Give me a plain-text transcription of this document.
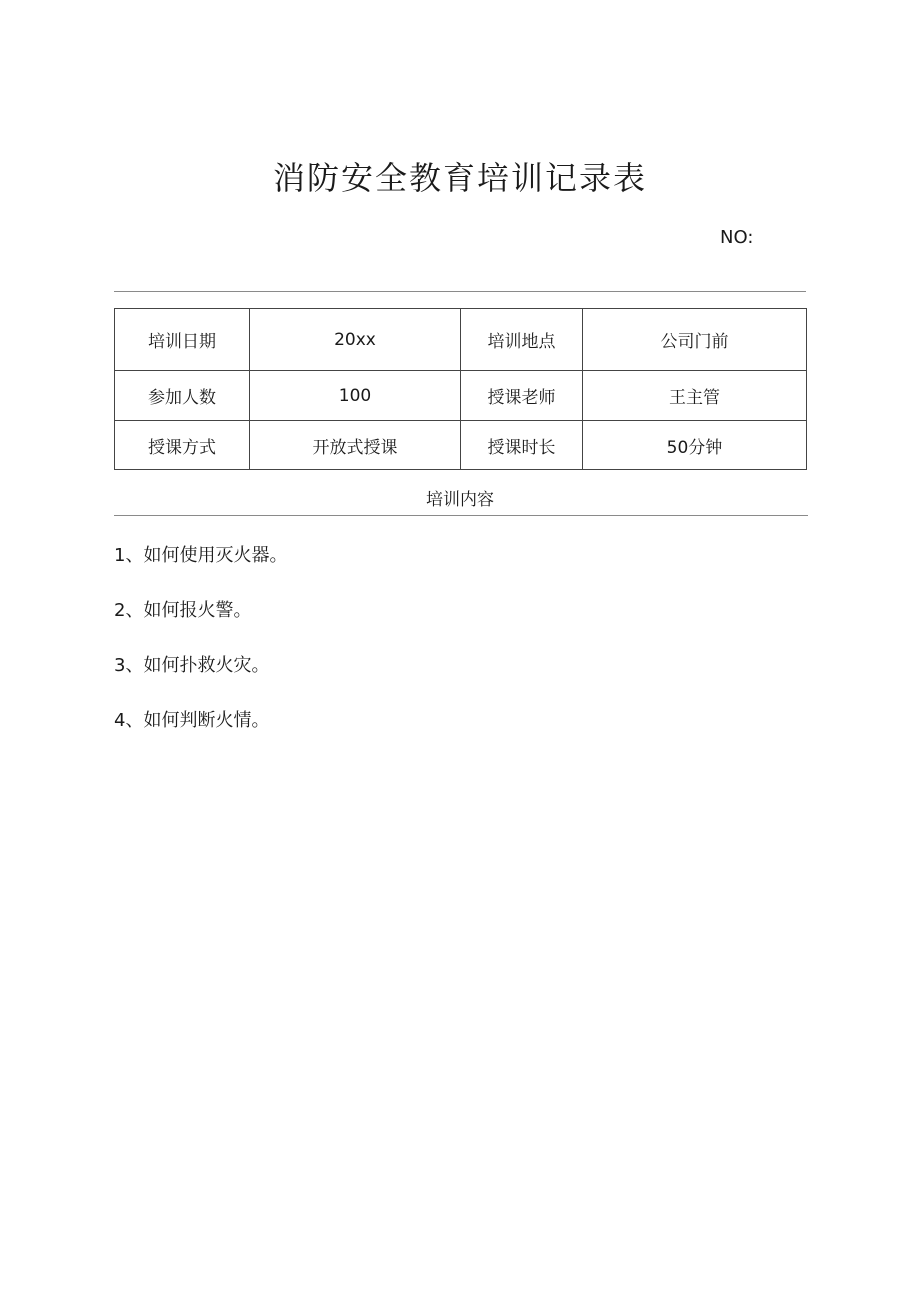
消防安全教育培训记录表
NO:
培训日期	20xx	培训地点	公司门前
参加人数	100	授课老师	王主管
授课方式	开放式授课	授课时长	50分钟
培训内容
1、如何使用灭火器。
2、如何报火警。
3、如何扑救火灾。
4、如何判断火情。
